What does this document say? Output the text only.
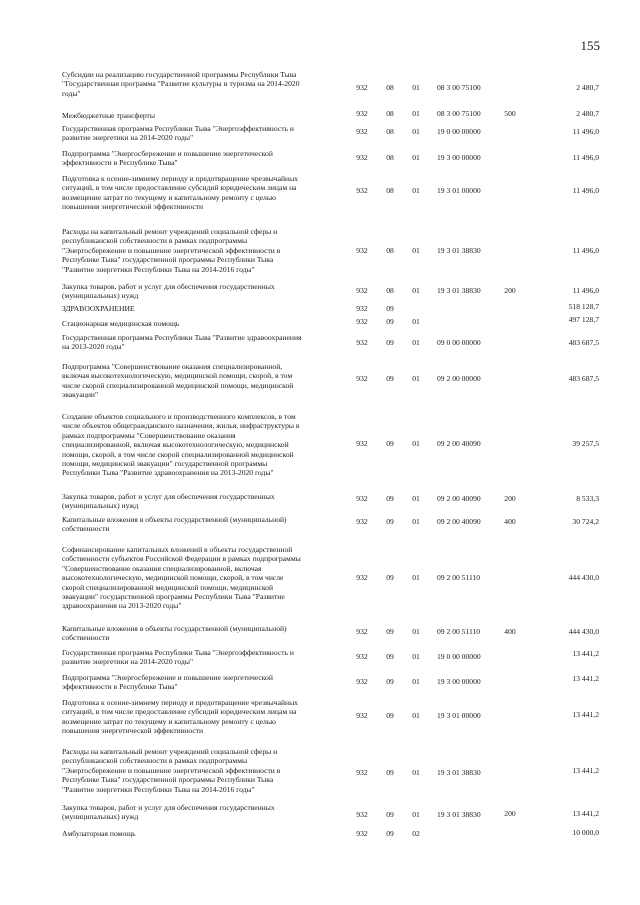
155
Субсидии на реализацию государственной программы Республики Тыва
"Государственная программа "Развитие культуры и туризма на 2014-2020
годы"
932	08	01	08 3 00 75100	2 480,7
Межбюджетные трансферты	932	08	01	08 3 00 75100	500	2 480,7
Государственная программа Республики Тыва "Энергоэффективность и
развитие энергетики на 2014-2020 годы"
932	08	01	19 0 00 00000	11 496,0
Подпрограмма "Энергосбережение и повышение энергетической
эффективности в Республике Тыва"
932	08	01	19 3 00 00000	11 496,0
Подготовка к осенне-зимнему периоду и предотвращение чрезвычайных
ситуаций, в том числе предоставление субсидий юридическим лицам на
возмещение затрат по текущему и капитальному ремонту с целью
повышения энергетической эффективности
932	08	01	19 3 01 00000	11 496,0
Расходы на капитальный ремонт учреждений социальной сферы и
республиканской собственности в рамках подпрограммы
"Энергосбережение и повышение энергетической эффективности в
Республике Тыва" государственной программы Республики Тыва
"Развитие энергетики Республики Тыва на 2014-2016 годы"
932	08	01	19 3 01 38830	11 496,0
Закупка товаров, работ и услуг для обеспечения государственных
(муниципальных) нужд
932	08	01	19 3 01 38830	200	11 496,0
ЗДРАВООХРАНЕНИЕ	932	09	518 128,7
Стационарная медицинская помощь	932	09	01	497 128,7
Государственная программа Республики Тыва "Развитие здравоохранения
на 2013-2020 годы"	932	09	01	09 0 00 00000	483 687,5
Подпрограмма "Совершенствование оказания специализированной,
включая высокотехнологическую, медицинской помощи, скорой, в том
числе скорой специализированной медицинской помощи, медицинской
эвакуации"
932	09	01	09 2 00 00000	483 687,5
Создание объектов социального и производственного комплексов, в том
числе объектов общегражданского назначения, жилья, инфраструктуры в
рамках подпрограммы "Совершенствование оказания
специализированной, включая высокотехнологическую, медицинской
помощи, скорой, в том числе скорой специализированной медицинской
помощи, медицинской эвакуации" государственной программы
Республики Тыва "Развитие здравоохранения на 2013-2020 годы"
932	09	01	09 2 00 40090	39 257,5
Закупка товаров, работ и услуг для обеспечения государственных
(муниципальных) нужд
932	09	01	09 2 00 40090	200	8 533,3
Капитальные вложения в объекты государственной (муниципальной)
собственности
932	09	01	09 2 00 40090	400	30 724,2
Софинансирование капитальных вложений в объекты государственной
собственности субъектов Российской Федерации в рамках подпрограммы
"Совершенствование оказания специализированной, включая
высокотехнологическую, медицинской помощи, скорой, в том числе
скорой специализированной медицинской помощи, медицинской
эвакуации" государственной программы Республики Тыва "Развитие
здравоохранения на 2013-2020 годы"
932	09	01	09 2 00 51110	444 430,0
Капитальные вложения в объекты государственной (муниципальной)
собственности
932	09	01	09 2 00 51110	400	444 430,0
Государственная программа Республики Тыва "Энергоэффективность и
развитие энергетики на 2014-2020 годы"
932	09	01	19 0 00 00000	13 441,2
Подпрограмма "Энергосбережение и повышение энергетической
эффективности в Республике Тыва"
932	09	01	19 3 00 00000	13 441,2
Подготовка к осенне-зимнему периоду и предотвращение чрезвычайных
ситуаций, в том числе предоставление субсидий юридическим лицам на
возмещение затрат по текущему и капитальному ремонту с целью
повышения энергетической эффективности
932	09	01	19 3 01 00000	13 441,2
Расходы на капитальный ремонт учреждений социальной сферы и
республиканской собственности в рамках подпрограммы
"Энергосбережение и повышение энергетической эффективности в
Республике Тыва" государственной программы Республики Тыва
"Развитие энергетики Республики Тыва на 2014-2016 годы"
932	09	01	19 3 01 38830	13 441,2
Закупка товаров, работ и услуг для обеспечения государственных
(муниципальных) нужд	932	09	01	19 3 01 38830	200	13 441,2
Амбулаторная помощь	932	09	02	10 000,0
